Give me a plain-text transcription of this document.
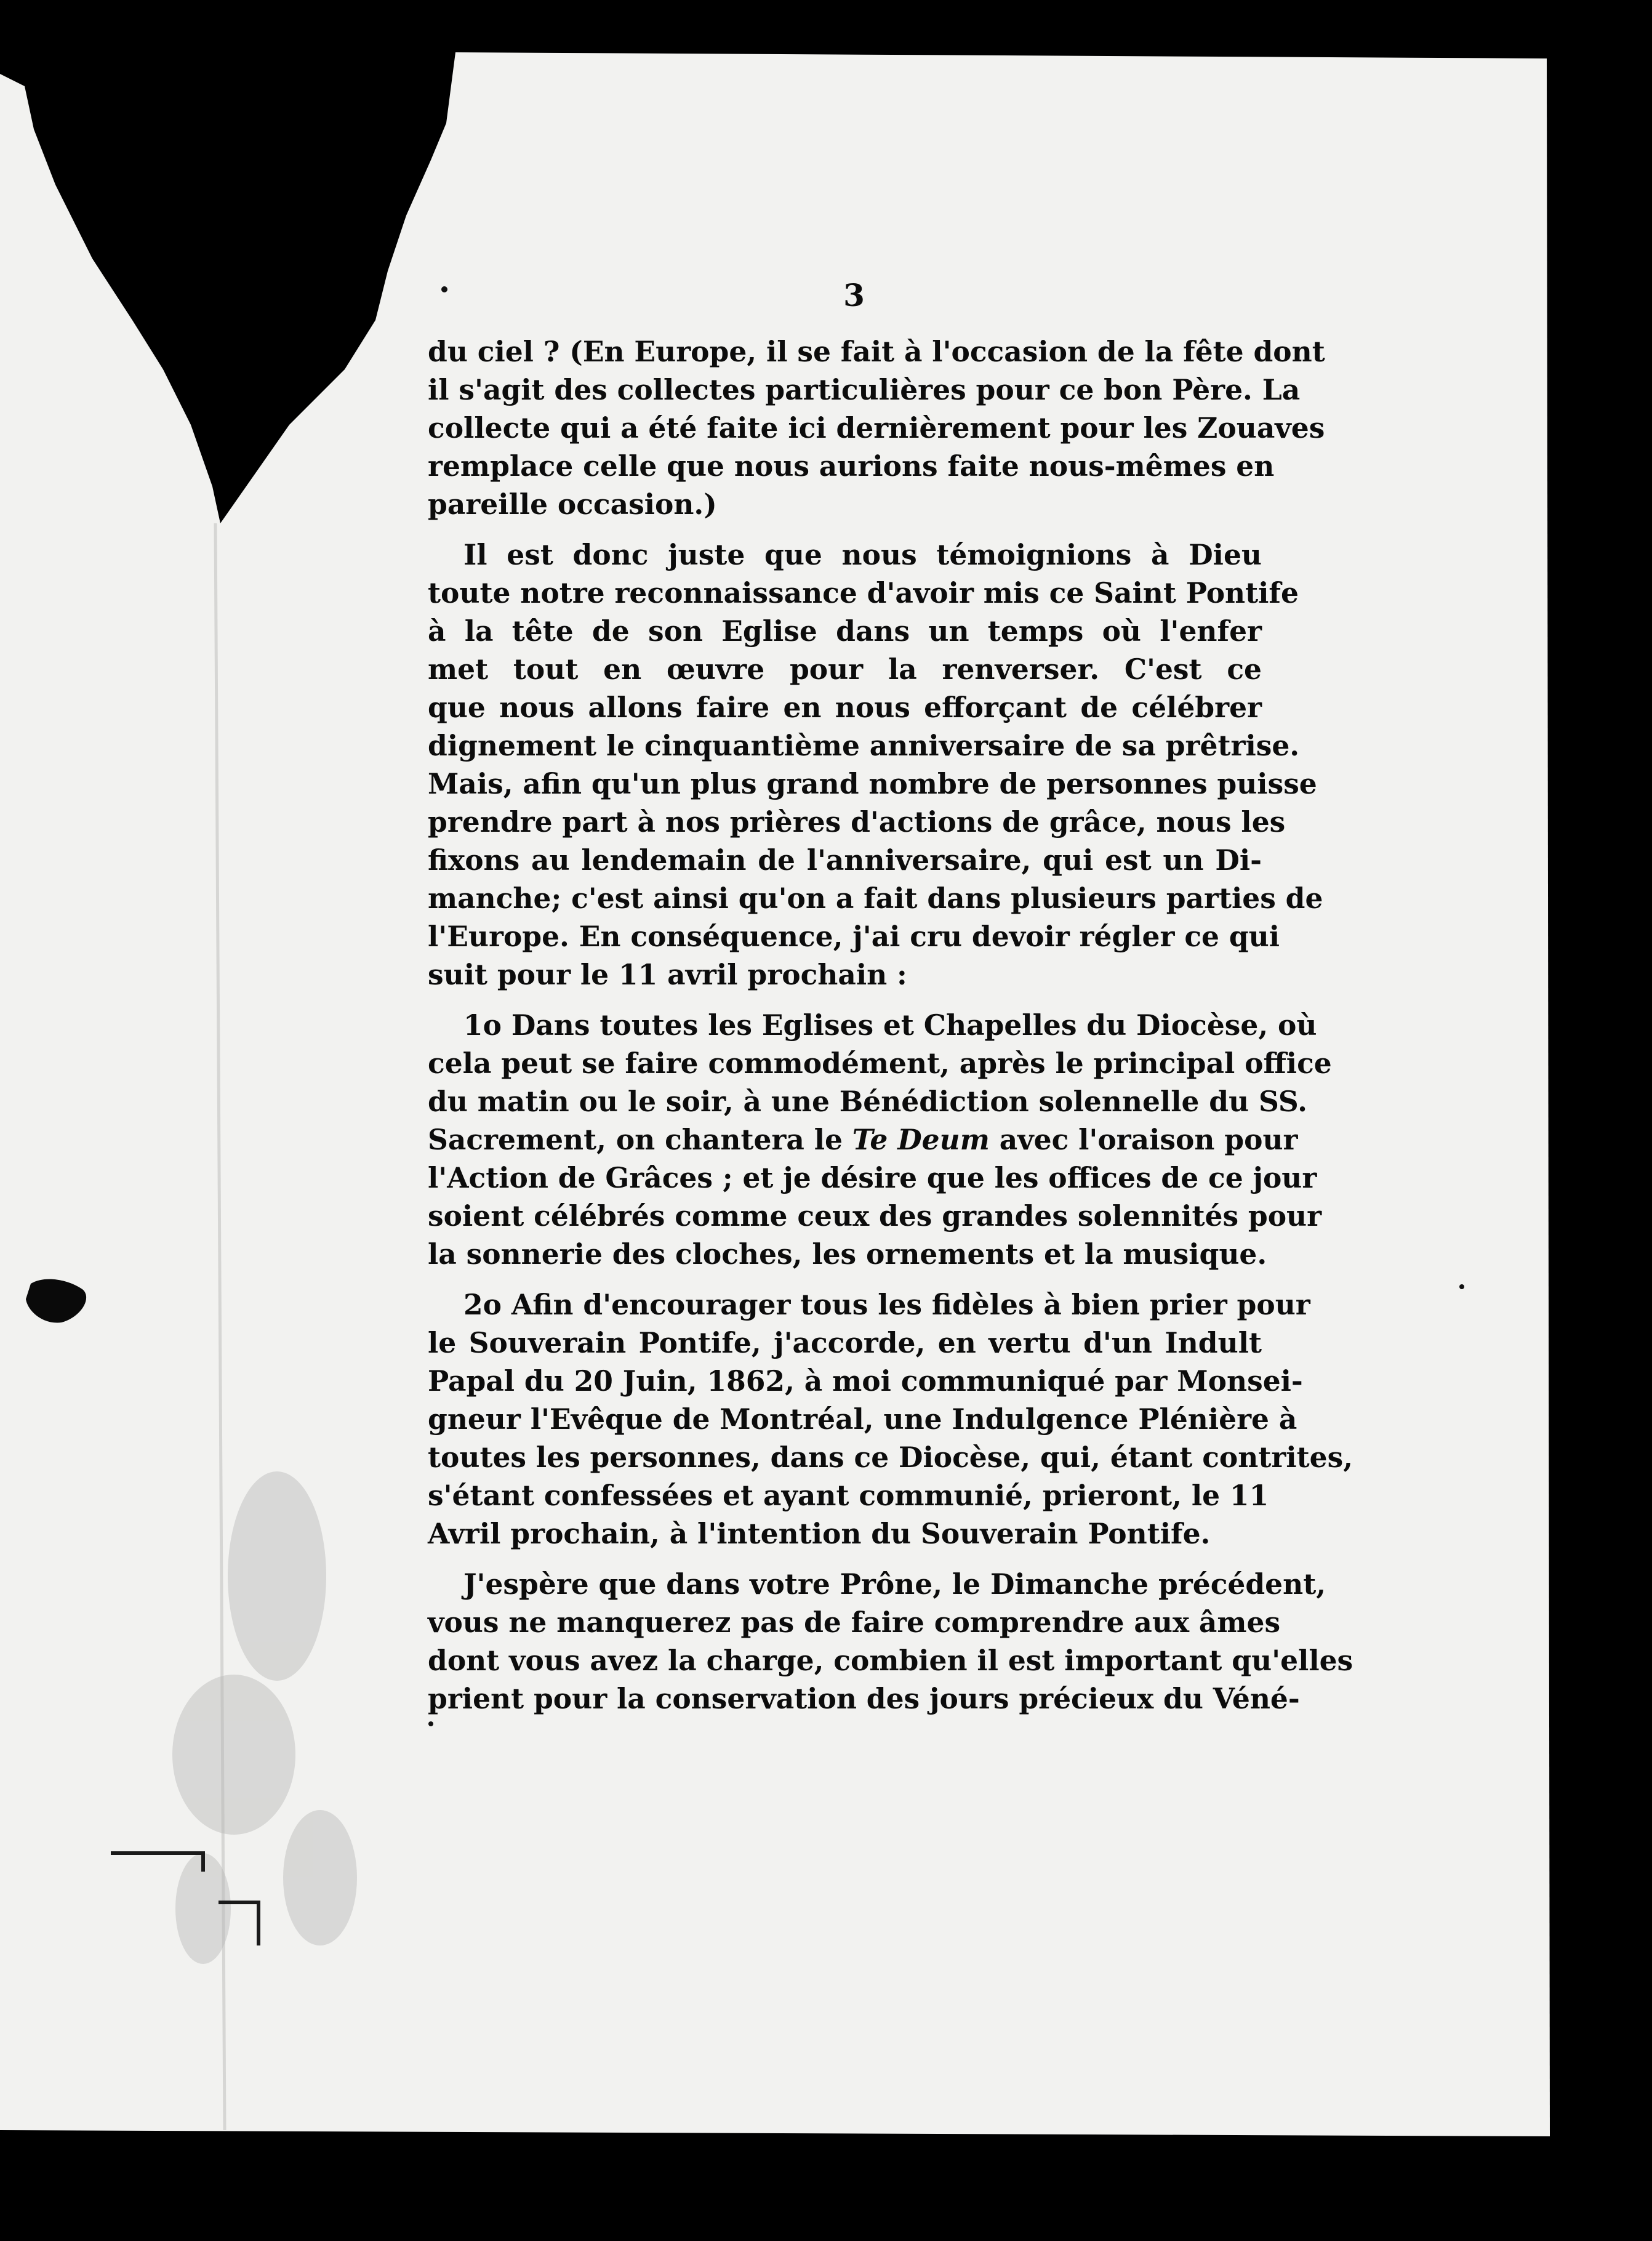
3
du ciel ? (En Europe, il se fait à l'occasion de la fête dont
il s'agit des collectes particulières pour ce bon Père. La
collecte qui a été faite ici dernièrement pour les Zouaves
remplace celle que nous aurions faite nous-mêmes en
pareille occasion.)
Il est donc juste que nous témoignions à Dieu
toute notre reconnaissance d'avoir mis ce Saint Pontife
à la tête de son Eglise dans un temps où l'enfer
met tout en œuvre pour la renverser. C'est ce
que nous allons faire en nous efforçant de célébrer
dignement le cinquantième anniversaire de sa prêtrise.
Mais, afin qu'un plus grand nombre de personnes puisse
prendre part à nos prières d'actions de grâce, nous les
fixons au lendemain de l'anniversaire, qui est un Di-
manche; c'est ainsi qu'on a fait dans plusieurs parties de
l'Europe. En conséquence, j'ai cru devoir régler ce qui
suit pour le 11 avril prochain :
1o Dans toutes les Eglises et Chapelles du Diocèse, où
cela peut se faire commodément, après le principal office
du matin ou le soir, à une Bénédiction solennelle du SS.
Sacrement, on chantera le Te Deum avec l'oraison pour
l'Action de Grâces ; et je désire que les offices de ce jour
soient célébrés comme ceux des grandes solennités pour
la sonnerie des cloches, les ornements et la musique.
2o Afin d'encourager tous les fidèles à bien prier pour
le Souverain Pontife, j'accorde, en vertu d'un Indult
Papal du 20 Juin, 1862, à moi communiqué par Monsei-
gneur l'Evêque de Montréal, une Indulgence Plénière à
toutes les personnes, dans ce Diocèse, qui, étant contrites,
s'étant confessées et ayant communié, prieront, le 11
Avril prochain, à l'intention du Souverain Pontife.
J'espère que dans votre Prône, le Dimanche précédent,
vous ne manquerez pas de faire comprendre aux âmes
dont vous avez la charge, combien il est important qu'elles
prient pour la conservation des jours précieux du Véné-
